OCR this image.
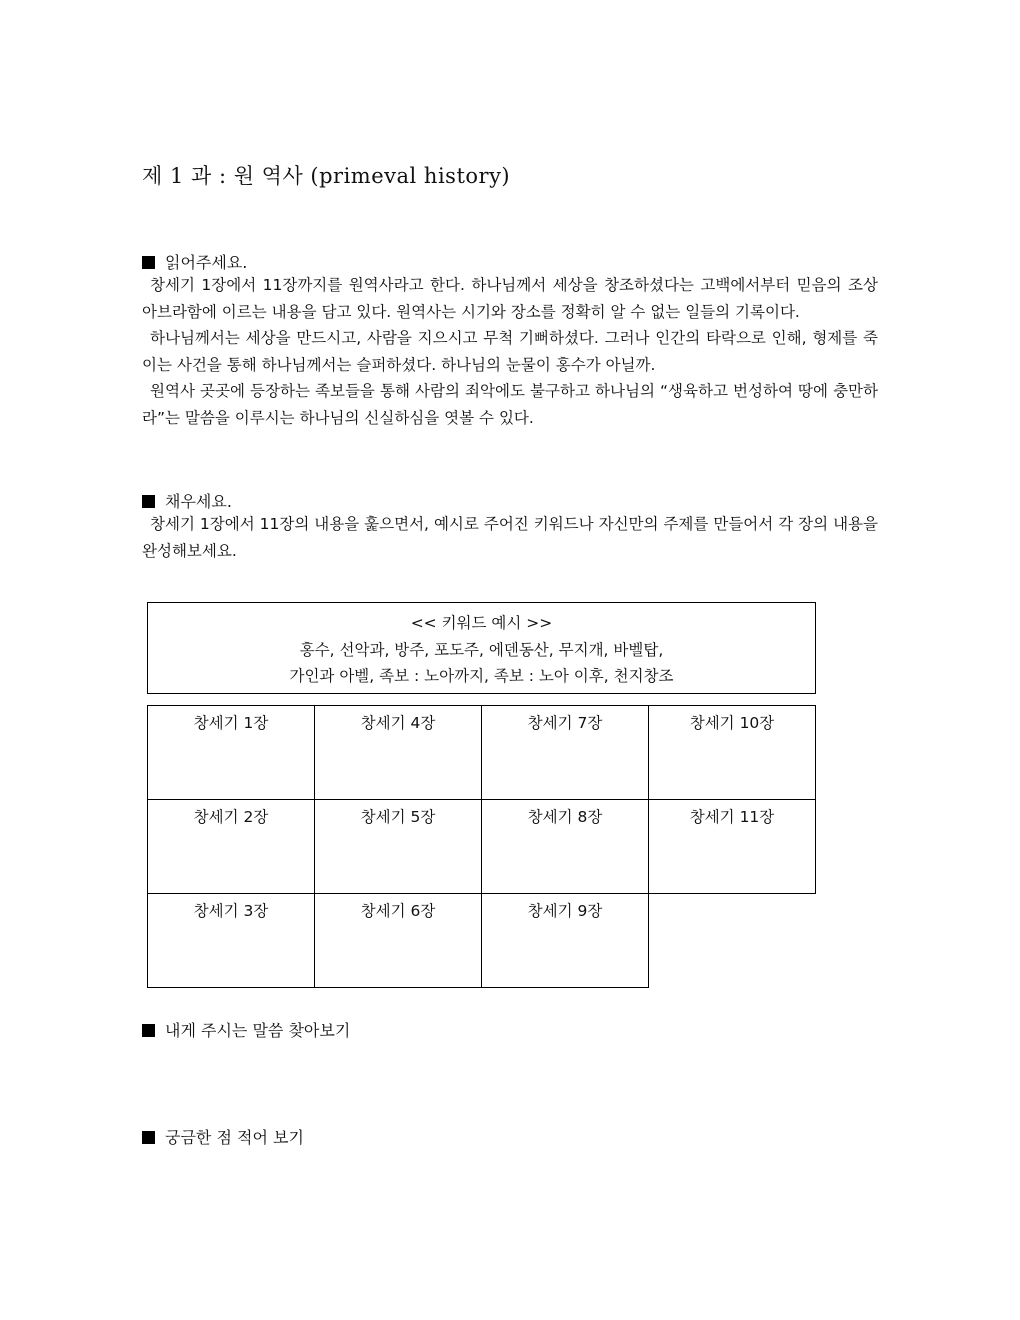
제 1 과 : 원 역사 (primeval history)
읽어주세요.

창세기 1장에서 11장까지를 원역사라고 한다. 하나님께서 세상을 창조하셨다는 고백에서부터 믿음의 조상 아브라함에 이르는 내용을 담고 있다. 원역사는 시기와 장소를 정확히 알 수 없는 일들의 기록이다.

하나님께서는 세상을 만드시고, 사람을 지으시고 무척 기뻐하셨다. 그러나 인간의 타락으로 인해, 형제를 죽이는 사건을 통해 하나님께서는 슬퍼하셨다. 하나님의 눈물이 홍수가 아닐까.

원역사 곳곳에 등장하는 족보들을 통해 사람의 죄악에도 불구하고 하나님의 “생육하고 번성하여 땅에 충만하라”는 말씀을 이루시는 하나님의 신실하심을 엿볼 수 있다.

채우세요.

창세기 1장에서 11장의 내용을 훑으면서, 예시로 주어진 키워드나 자신만의 주제를 만들어서 각 장의 내용을 완성해보세요.

<< 키워드 예시 >>
홍수, 선악과, 방주, 포도주, 에덴동산, 무지개, 바벨탑,
가인과 아벨, 족보 : 노아까지, 족보 : 노아 이후, 천지창조
창세기 1장	창세기 4장	창세기 7장	창세기 10장

창세기 2장	창세기 5장	창세기 8장	창세기 11장

창세기 3장	창세기 6장	창세기 9장	

내게 주시는 말씀 찾아보기
궁금한 점 적어 보기
